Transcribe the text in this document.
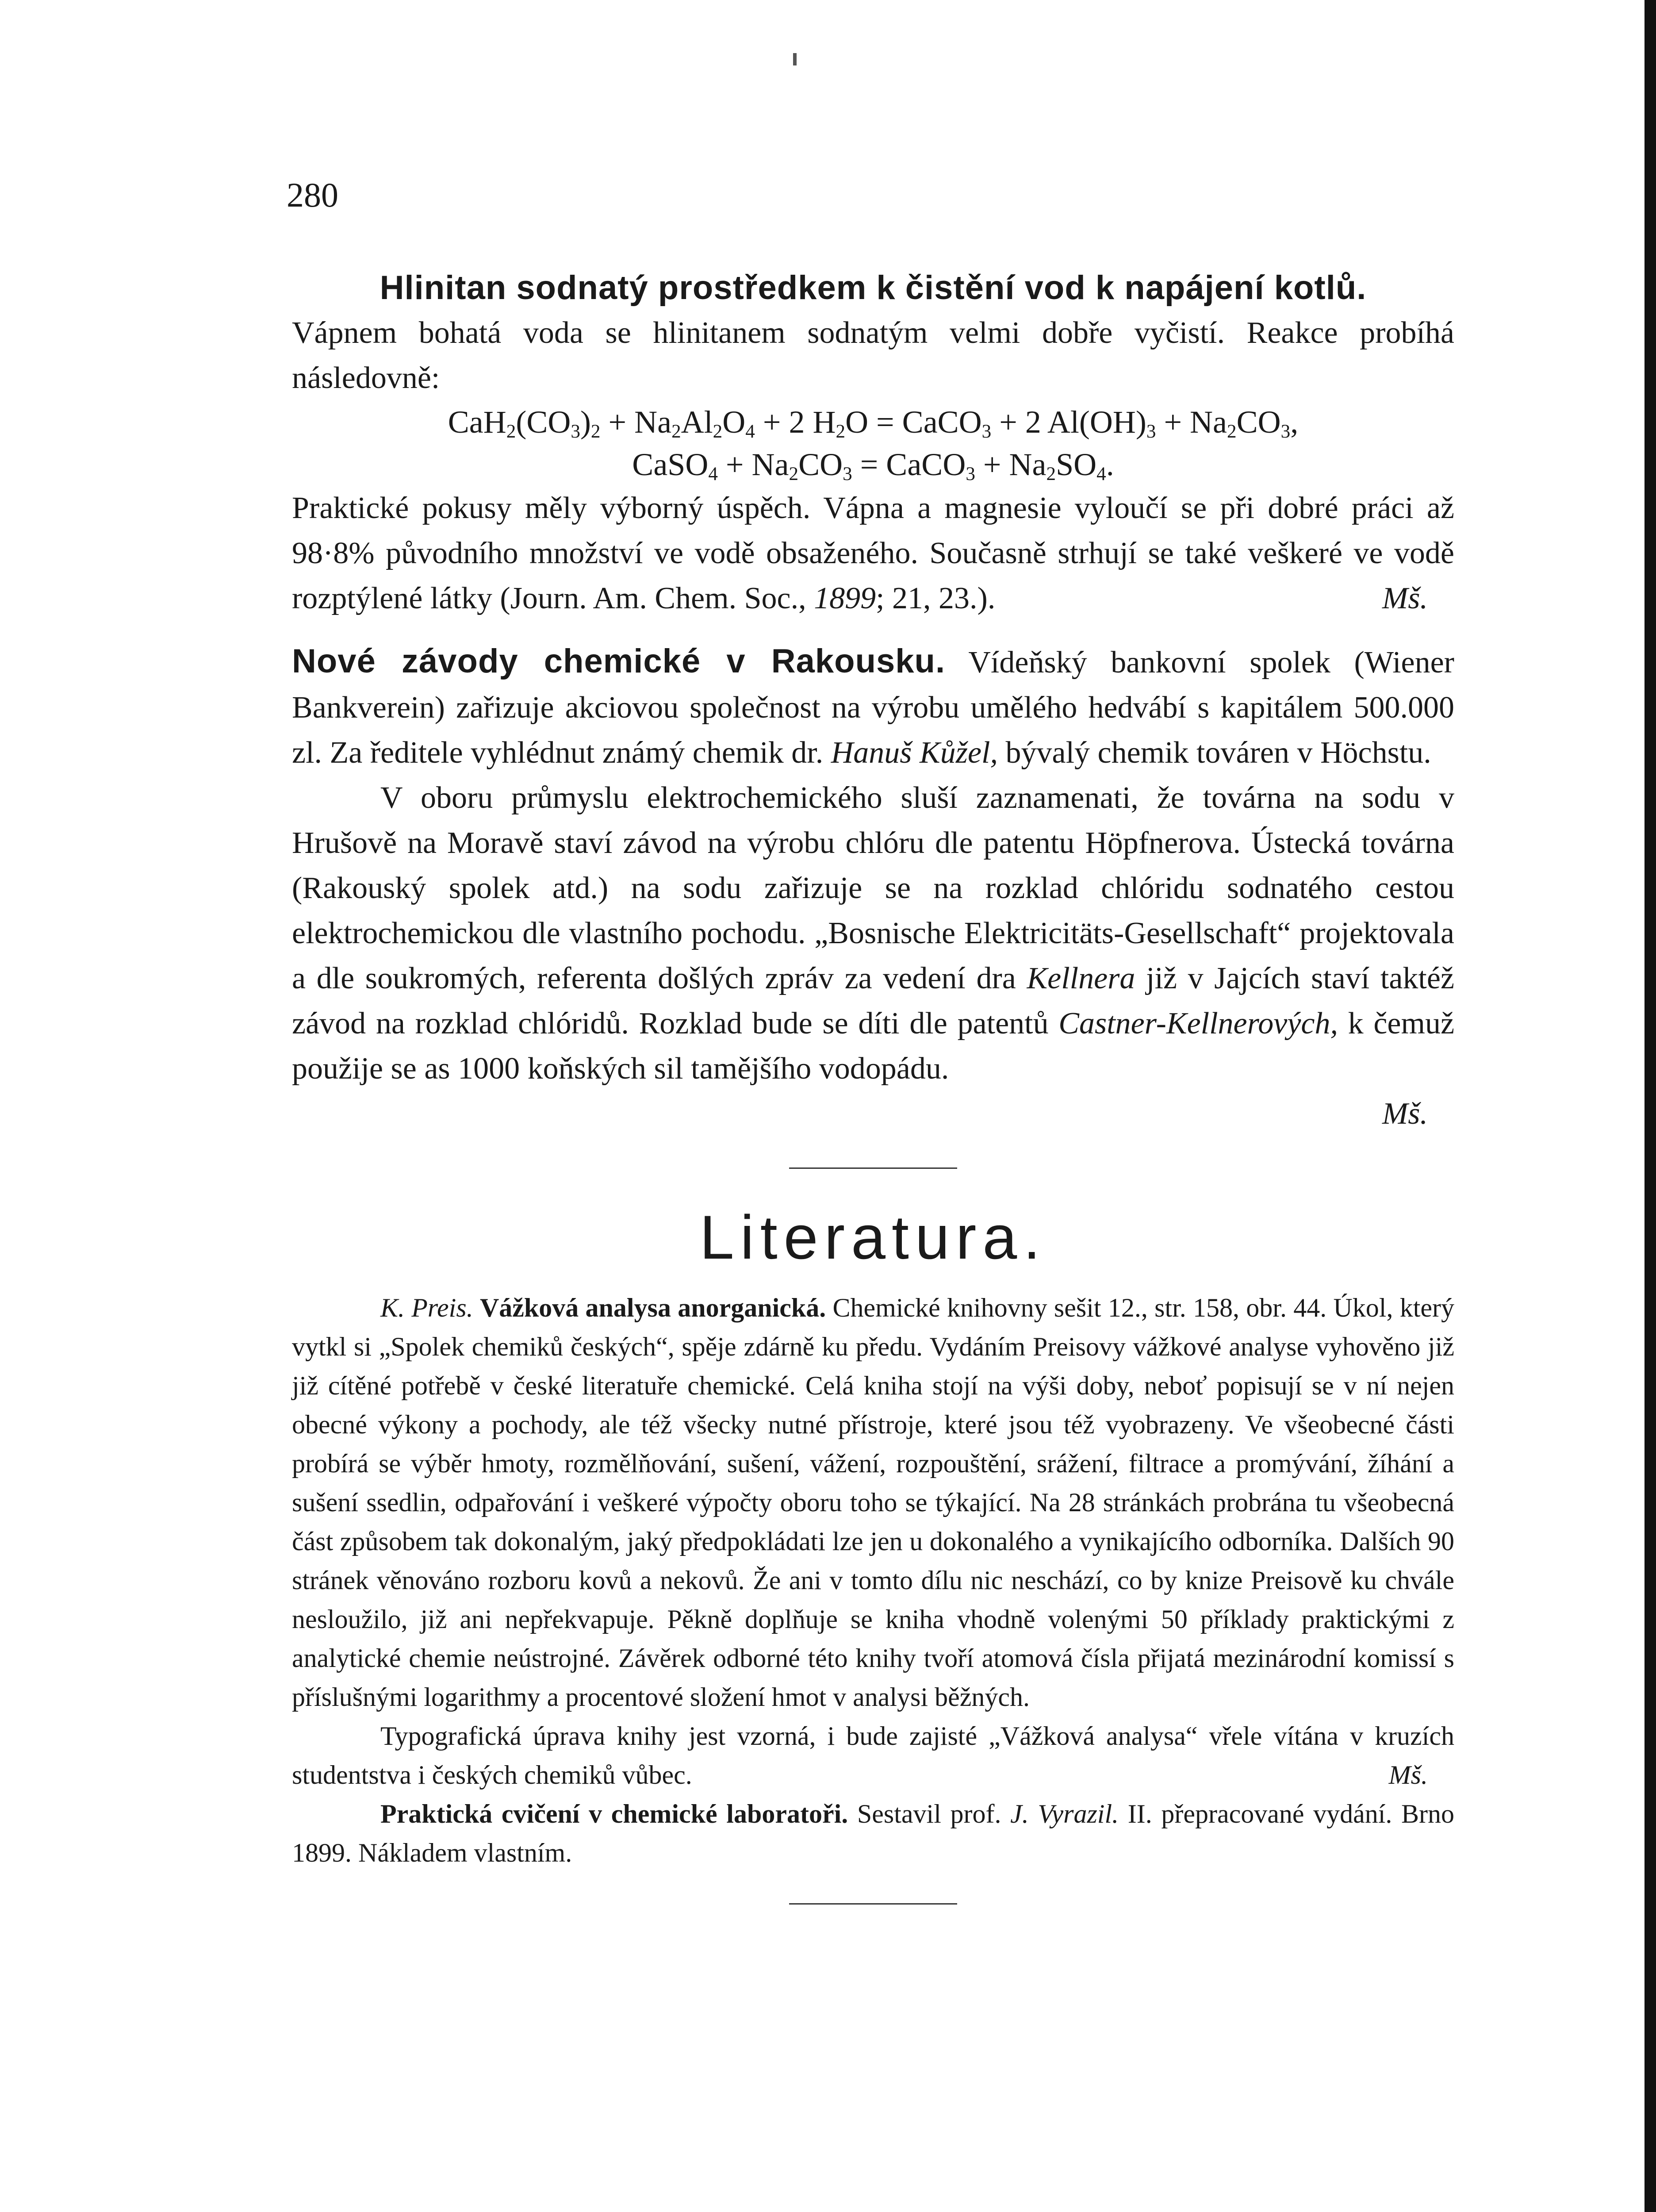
280

Hlinitan sodnatý prostředkem k čistění vod k napájení kotlů.
Vápnem bohatá voda se hlinitanem sodnatým velmi dobře vyčistí. Reakce probíhá následovně:

$CaH_2(CO_3)_2 + Na_2Al_2O_4 + 2$ $H_2O$ = CaCO$_3$ + 2 $Al(OH)_3 + Na_2CO_3$,

CaSO$_4$ + $Na_2CO_3$ = CaCO$_3$ + $Na_2SO_4$.

Praktické pokusy měly výborný úspěch. Vápna a magnesie vyloučí se při dobré práci až 98·8% původního množství ve vodě obsaženého. Současně strhují se také veškeré ve vodě rozptýlené látky (Journ. Am. Chem. Soc., 1899; 21, 23.).	Mš.

Nové závody chemické v Rakousku. Vídeňský bankovní spolek (Wiener Bankverein) zařizuje akciovou společnost na výrobu umělého hedvábí s kapitálem 500.000 zl. Za ředitele vyhlédnut známý chemik dr. Hanuš Kůžel, bývalý chemik továren v Höchstu.

V oboru průmyslu elektrochemického sluší zaznamenati, že továrna na sodu v Hrušově na Moravě staví závod na výrobu chlóru dle patentu Höpfnerova. Ústecká továrna (Rakouský spolek atd.) na sodu zařizuje se na rozklad chlóridu sodnatého cestou elektrochemickou dle vlastního pochodu. „Bosnische Elektricitäts-Gesellschaft“ projektovala a dle soukromých, referenta došlých zpráv za vedení dra Kellnera již v Jajcích staví taktéž závod na rozklad chlóridů. Rozklad bude se díti dle patentů Castner-Kellnerových, k čemuž použije se as 1000 koňských sil tamějšího vodopádu.

Mš.
Literatura.

K. Preis. Vážková analysa anorganická. Chemické knihovny sešit 12., str. 158, obr. 44. Úkol, který vytkl si „Spolek chemiků českých“, spěje zdárně ku předu. Vydáním Preisovy vážkové analyse vyhověno již již cítěné potřebě v české literatuře chemické. Celá kniha stojí na výši doby, neboť popisují se v ní nejen obecné výkony a pochody, ale též všecky nutné přístroje, které jsou též vyobrazeny. Ve všeobecné části probírá se výběr hmoty, rozmělňování, sušení, vážení, rozpouštění, srážení, filtrace a promývání, žíhání a sušení ssedlin, odpařování i veškeré výpočty oboru toho se týkající. Na 28 stránkách probrána tu všeobecná část způsobem tak dokonalým, jaký předpokládati lze jen u dokonalého a vynikajícího odborníka. Dalších 90 stránek věnováno rozboru kovů a nekovů. Že ani v tomto dílu nic neschází, co by knize Preisově ku chvále nesloužilo, již ani nepřekvapuje. Pěkně doplňuje se kniha vhodně volenými 50 příklady praktickými z analytické chemie neústrojné. Závěrek odborné této knihy tvoří atomová čísla přijatá mezinárodní komissí s příslušnými logarithmy a procentové složení hmot v analysi běžných.

Typografická úprava knihy jest vzorná, i bude zajisté „Vážková analysa“ vřele vítána v kruzích studentstva i českých chemiků vůbec.	Mš.

Praktická cvičení v chemické laboratoři. Sestavil prof. J. Vyrazil. II. přepracované vydání. Brno 1899. Nákladem vlastním.
